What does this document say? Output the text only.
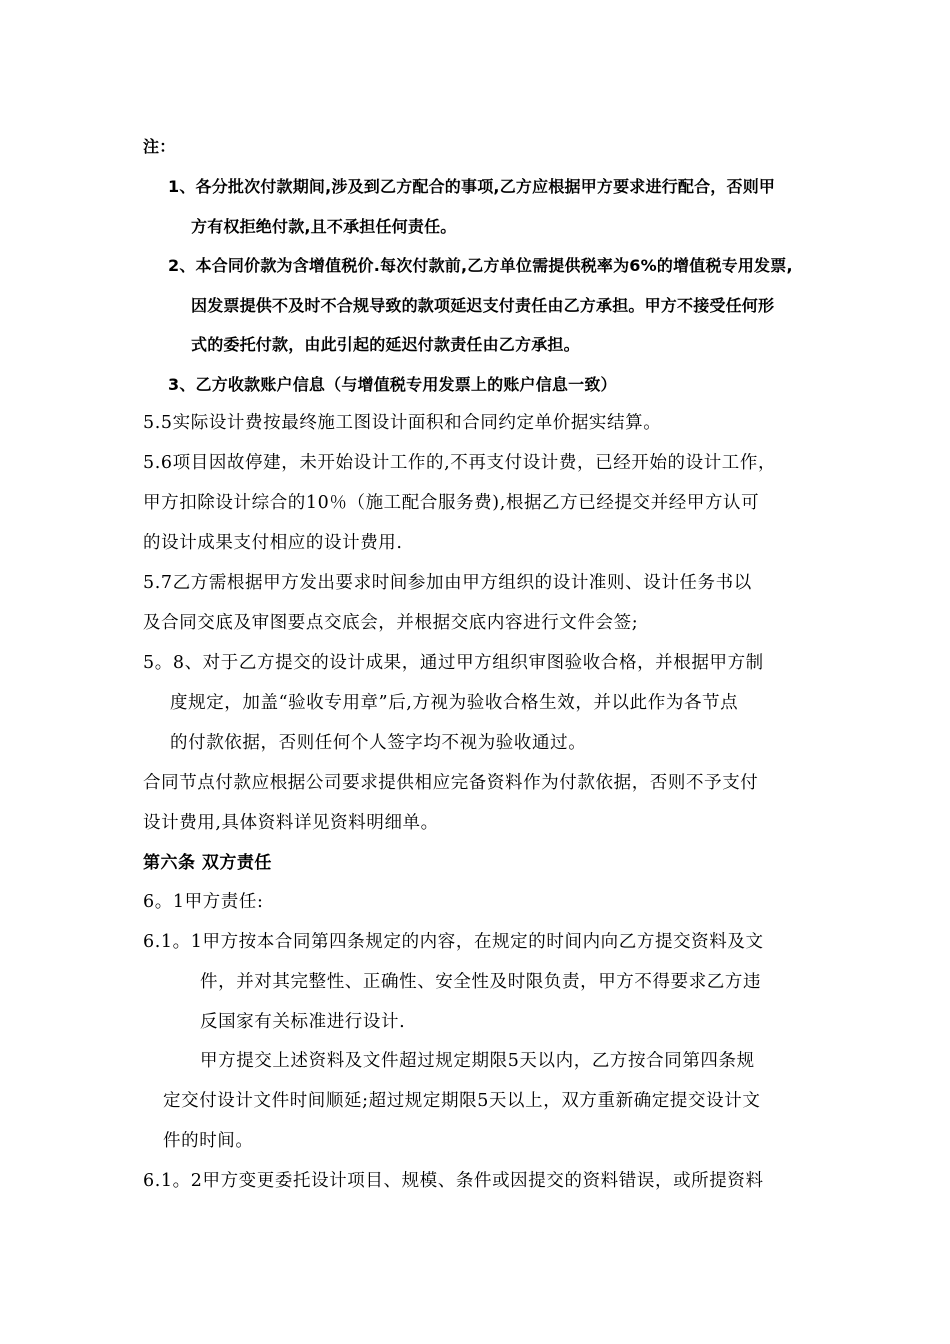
注：
1、各分批次付款期间,涉及到乙方配合的事项,乙方应根据甲方要求进行配合，否则甲
方有权拒绝付款,且不承担任何责任。
2、本合同价款为含增值税价.每次付款前,乙方单位需提供税率为6%的增值税专用发票,
因发票提供不及时不合规导致的款项延迟支付责任由乙方承担。甲方不接受任何形
式的委托付款，由此引起的延迟付款责任由乙方承担。
3、乙方收款账户信息（与增值税专用发票上的账户信息一致）
5.5实际设计费按最终施工图设计面积和合同约定单价据实结算。
5.6项目因故停建，未开始设计工作的,不再支付设计费，已经开始的设计工作，
甲方扣除设计综合的10％（施工配合服务费),根据乙方已经提交并经甲方认可
的设计成果支付相应的设计费用.
5.7乙方需根据甲方发出要求时间参加由甲方组织的设计准则、设计任务书以
及合同交底及审图要点交底会，并根据交底内容进行文件会签;
5。8、对于乙方提交的设计成果，通过甲方组织审图验收合格，并根据甲方制
度规定，加盖“验收专用章”后,方视为验收合格生效，并以此作为各节点
的付款依据，否则任何个人签字均不视为验收通过。
合同节点付款应根据公司要求提供相应完备资料作为付款依据，否则不予支付
设计费用,具体资料详见资料明细单。
第六条 双方责任
6。1甲方责任:
6.1。1甲方按本合同第四条规定的内容，在规定的时间内向乙方提交资料及文
件，并对其完整性、正确性、安全性及时限负责，甲方不得要求乙方违
反国家有关标准进行设计.
甲方提交上述资料及文件超过规定期限5天以内，乙方按合同第四条规
定交付设计文件时间顺延;超过规定期限5天以上，双方重新确定提交设计文
件的时间。
6.1。2甲方变更委托设计项目、规模、条件或因提交的资料错误，或所提资料
